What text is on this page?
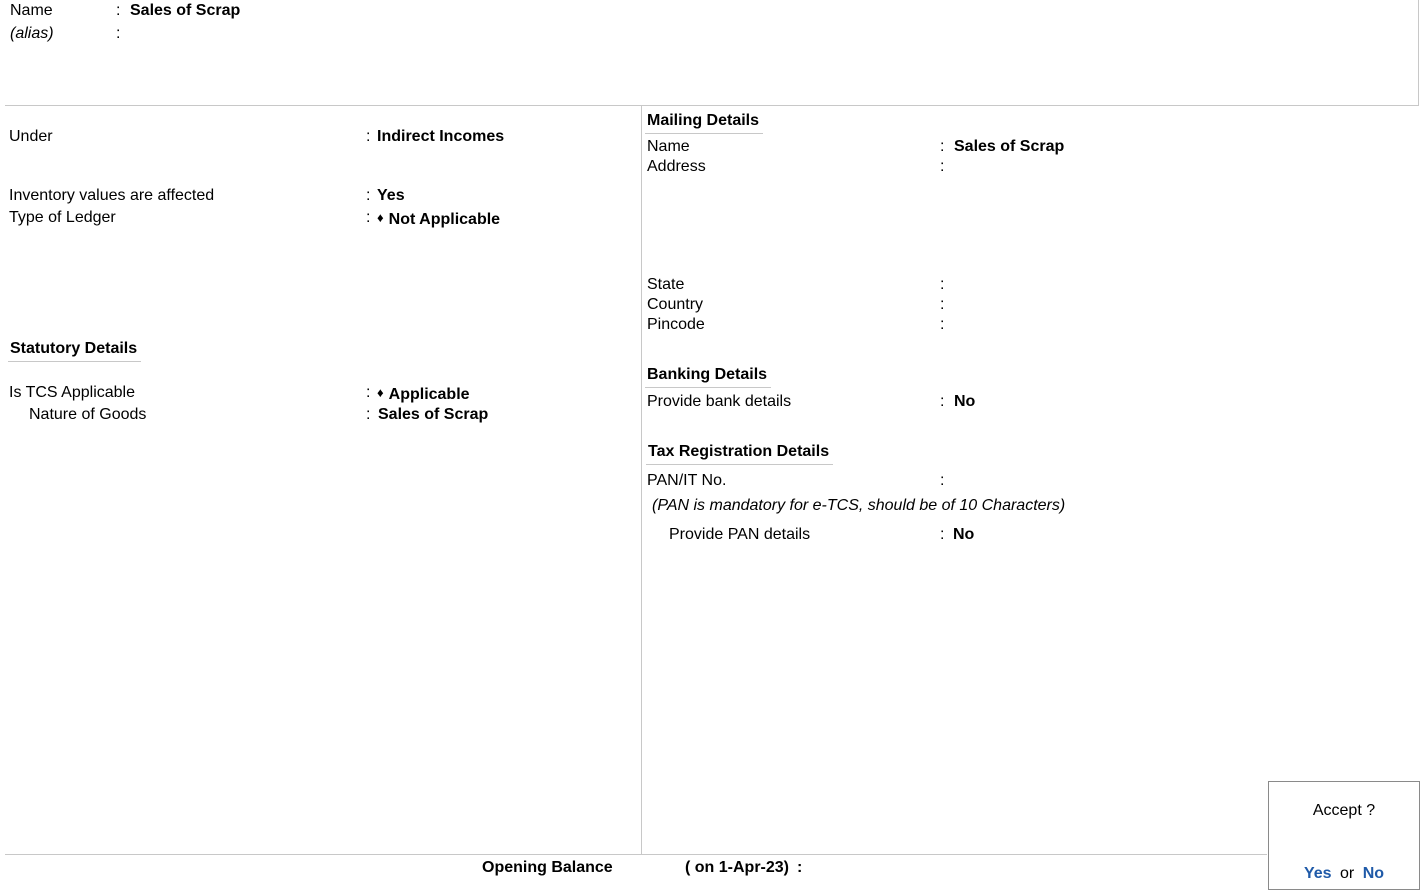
Name	: Sales of Scrap
(alias)	:
Under	: Indirect Incomes
Inventory values are affected	: Yes
Type of Ledger	: ♦ Not Applicable
Statutory Details
Is TCS Applicable	: ♦ Applicable
Nature of Goods	: Sales of Scrap
Mailing Details
Name	: Sales of Scrap
Address	:
State	:
Country	:
Pincode	:
Banking Details
Provide bank details	: No
Tax Registration Details
PAN/IT No.	:
(PAN is mandatory for e-TCS, should be of 10 Characters)
Provide PAN details	: No
Opening Balance	( on 1-Apr-23) :
Accept ?
Yes or No
